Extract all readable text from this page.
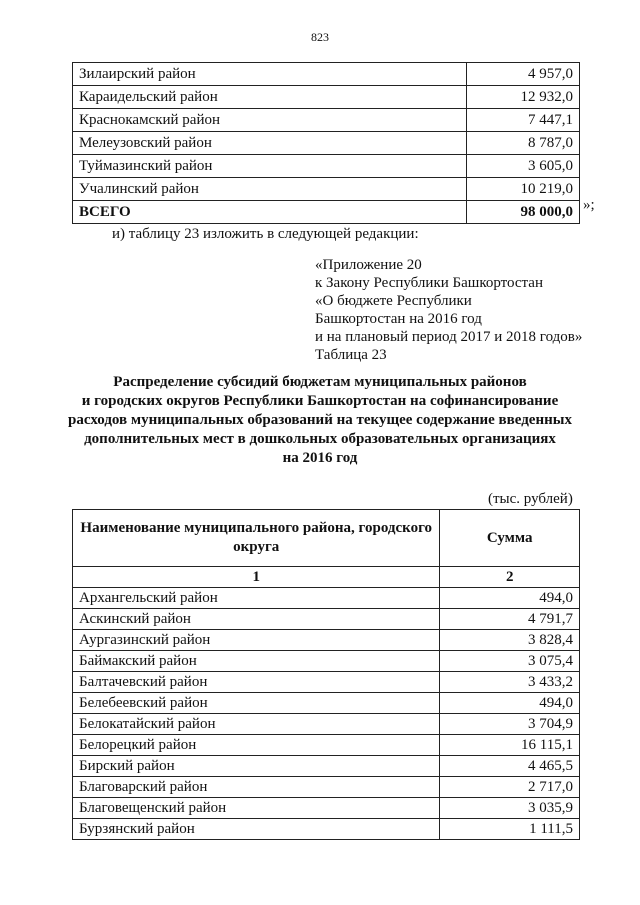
823
Зилаирский район	4 957,0
Караидельский район	12 932,0
Краснокамский район	7 447,1
Мелеузовский район	8 787,0
Туймазинский район	3 605,0
Учалинский район	10 219,0
ВСЕГО	98 000,0 »;
и) таблицу 23 изложить в следующей редакции:
«Приложение 20
к Закону Республики Башкортостан
«О бюджете Республики
Башкортостан на 2016 год
и на плановый период 2017 и 2018 годов»
Таблица 23
Распределение субсидий бюджетам муниципальных районов
и городских округов Республики Башкортостан на софинансирование
расходов муниципальных образований на текущее содержание введенных
дополнительных мест в дошкольных образовательных организациях
на 2016 год
(тыс. рублей)
Наименование муниципального района, городского округа	Сумма
1	2
Архангельский район	494,0
Аскинский район	4 791,7
Аургазинский район	3 828,4
Баймакский район	3 075,4
Балтачевский район	3 433,2
Белебеевский район	494,0
Белокатайский район	3 704,9
Белорецкий район	16 115,1
Бирский район	4 465,5
Благоварский район	2 717,0
Благовещенский район	3 035,9
Бурзянский район	1 111,5
